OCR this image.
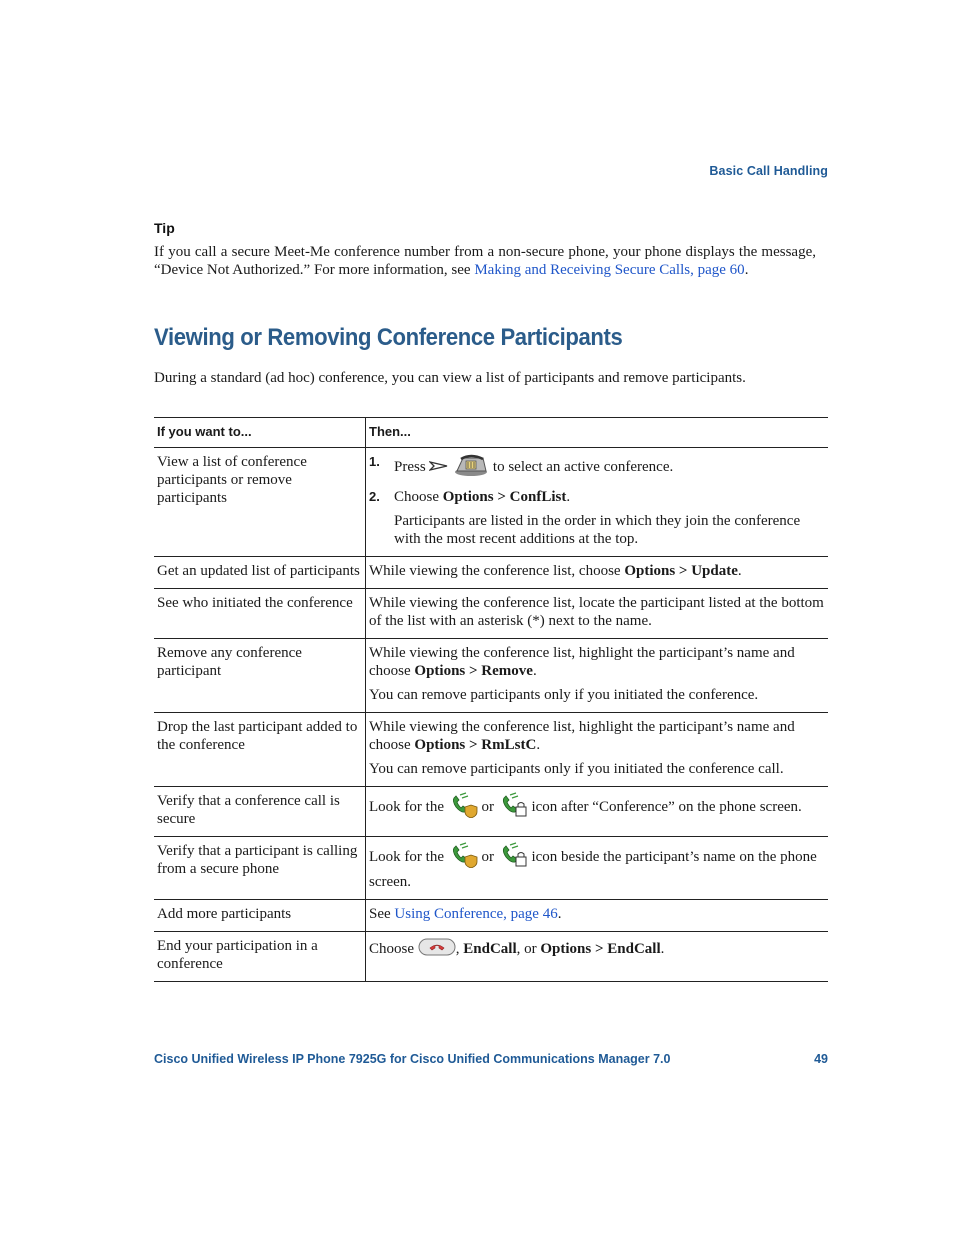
Basic Call Handling
Tip
If you call a secure Meet-Me conference number from a non-secure phone, your phone displays the message, “Device Not Authorized.” For more information, see Making and Receiving Secure Calls, page 60.
Viewing or Removing Conference Participants
During a standard (ad hoc) conference, you can view a list of participants and remove participants.
If you want to...	Then...
View a list of conference participants or remove participants	1. Press to select an active conference.
2. Choose Options > ConfList.
Participants are listed in the order in which they join the conference with the most recent additions at the top.

Get an updated list of participants	While viewing the conference list, choose Options > Update.
See who initiated the conference	While viewing the conference list, locate the participant listed at the bottom of the list with an asterisk (*) next to the name.
Remove any conference participant	While viewing the conference list, highlight the participant’s name and choose Options > Remove.
You can remove participants only if you initiated the conference.

Drop the last participant added to the conference	While viewing the conference list, highlight the participant’s name and choose Options > RmLstC.
You can remove participants only if you initiated the conference call.

Verify that a conference call is secure	Look for the or icon after “Conference” on the phone screen.
Verify that a participant is calling from a secure phone	Look for the or icon beside the participant’s name on the phone screen.
Add more participants	See Using Conference, page 46.
End your participation in a conference	Choose , EndCall, or Options > EndCall.
Cisco Unified Wireless IP Phone 7925G for Cisco Unified Communications Manager 7.0	49
